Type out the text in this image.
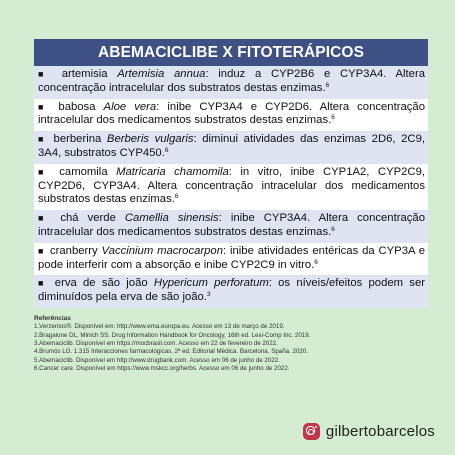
ABEMACICLIBE X FITOTERÁPICOS
■ artemisia Artemisia annua: induz a CYP2B6 e CYP3A4. Altera concentração intracelular dos substratos destas enzimas.$^6$
■ babosa Aloe vera: inibe CYP3A4 e CYP2D6. Altera concentração intracelular dos medicamentos substratos destas enzimas.$^6$
■ berberina Berberis vulgaris: diminui atividades das enzimas 2D6, 2C9, 3A4, substratos CYP450.$^6$
■ camomila Matricaria chamomila: in vitro, inibe CYP1A2, CYP2C9, CYP2D6, CYP3A4. Altera concentração intracelular dos medicamentos substratos destas enzimas.$^6$
■ chá verde Camellia sinensis: inibe CYP3A4. Altera concentração intracelular dos medicamentos substratos destas enzimas.$^6$
■ cranberry Vaccinium macrocarpon: inibe atividades entéricas da CYP3A e pode interferir com a absorção e inibe CYP2C9 in vitro.$^6$
■ erva de são joão Hypericum perforatum: os níveis/efeitos podem ser diminuídos pela erva de são joão.$^3$
Referências
1.Verzenios®. Disponível em: http://www.ema.europa.eu. Acesso em 13 de março de 2019.
2.Bragalone DL, Minich SS. Drug Information Handbook for Oncology, 16th ed. Lexi-Comp Inc. 2019.
3.Abemaciclib. Disponível em https://mocbrasil.com. Acesso em 22 de fevereiro de 2022.
4.Brumós LG. 1.315 Interacciones farmacológicas, 2ª ed. Editorial Médica. Barcelona. Spaña. 2020.
5.Abemaciclib. Disponível em http://www.drugbank.com. Acesso em 06 de junho de 2022.
6.Cancer care. Disponível em https://www.mskcc.org/herbs. Acesso em 06 de junho de 2022.
gilbertobarcelos
